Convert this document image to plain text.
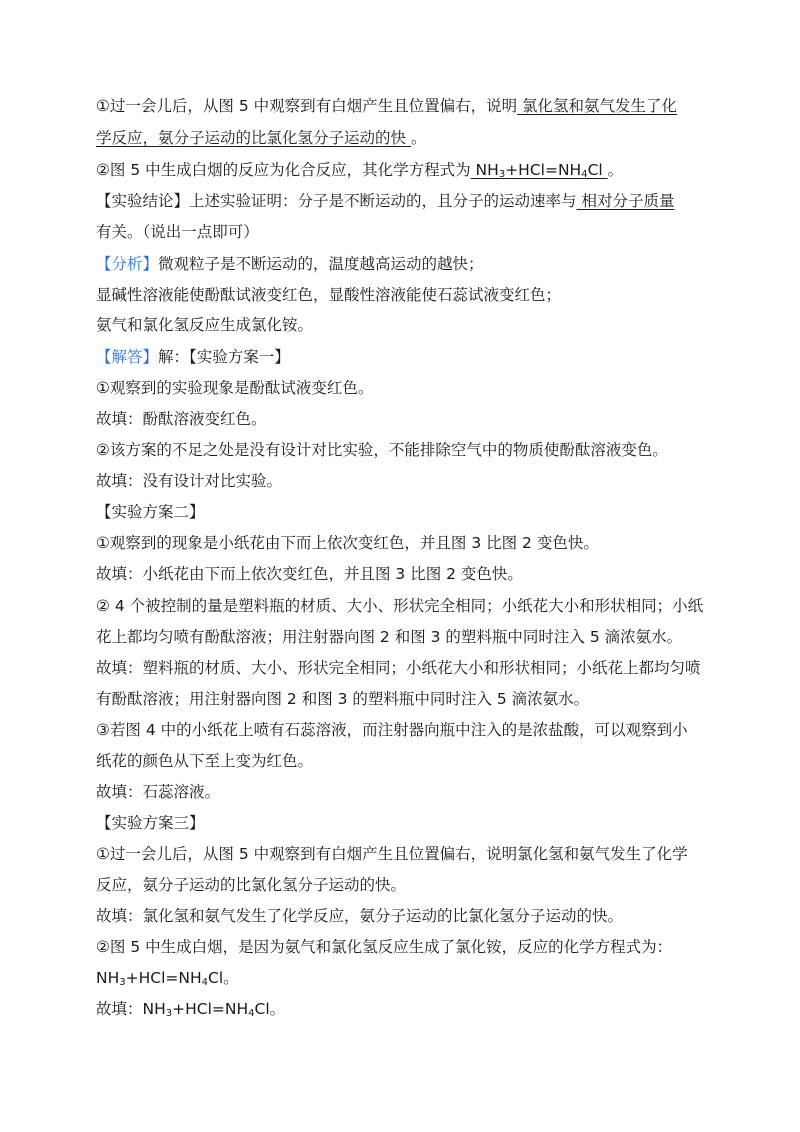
①过一会儿后，从图 5 中观察到有白烟产生且位置偏右，说明 氯化氢和氨气发生了化
学反应，氨分子运动的比氯化氢分子运动的快 。
②图 5 中生成白烟的反应为化合反应，其化学方程式为 $NH_3+HCl=NH_4Cl$ 。
【实验结论】上述实验证明：分子是不断运动的，且分子的运动速率与 相对分子质量
有关。（说出一点即可）
【分析】微观粒子是不断运动的，温度越高运动的越快；
显碱性溶液能使酚酞试液变红色，显酸性溶液能使石蕊试液变红色；
氨气和氯化氢反应生成氯化铵。
【解答】解：【实验方案一】
①观察到的实验现象是酚酞试液变红色。
故填：酚酞溶液变红色。
②该方案的不足之处是没有设计对比实验，不能排除空气中的物质使酚酞溶液变色。
故填：没有设计对比实验。
【实验方案二】
①观察到的现象是小纸花由下而上依次变红色，并且图 3 比图 2 变色快。
故填：小纸花由下而上依次变红色，并且图 3 比图 2 变色快。
② 4 个被控制的量是塑料瓶的材质、大小、形状完全相同；小纸花大小和形状相同；小纸
花上都均匀喷有酚酞溶液；用注射器向图 2 和图 3 的塑料瓶中同时注入 5 滴浓氨水。
故填：塑料瓶的材质、大小、形状完全相同；小纸花大小和形状相同；小纸花上都均匀喷
有酚酞溶液；用注射器向图 2 和图 3 的塑料瓶中同时注入 5 滴浓氨水。
③若图 4 中的小纸花上喷有石蕊溶液，而注射器向瓶中注入的是浓盐酸，可以观察到小
纸花的颜色从下至上变为红色。
故填：石蕊溶液。
【实验方案三】
①过一会儿后，从图 5 中观察到有白烟产生且位置偏右，说明氯化氢和氨气发生了化学
反应，氨分子运动的比氯化氢分子运动的快。
故填：氯化氢和氨气发生了化学反应，氨分子运动的比氯化氢分子运动的快。
②图 5 中生成白烟，是因为氨气和氯化氢反应生成了氯化铵，反应的化学方程式为：
$NH_3+HCl=NH_4Cl$。
故填：$NH_3+HCl=NH_4Cl$。
